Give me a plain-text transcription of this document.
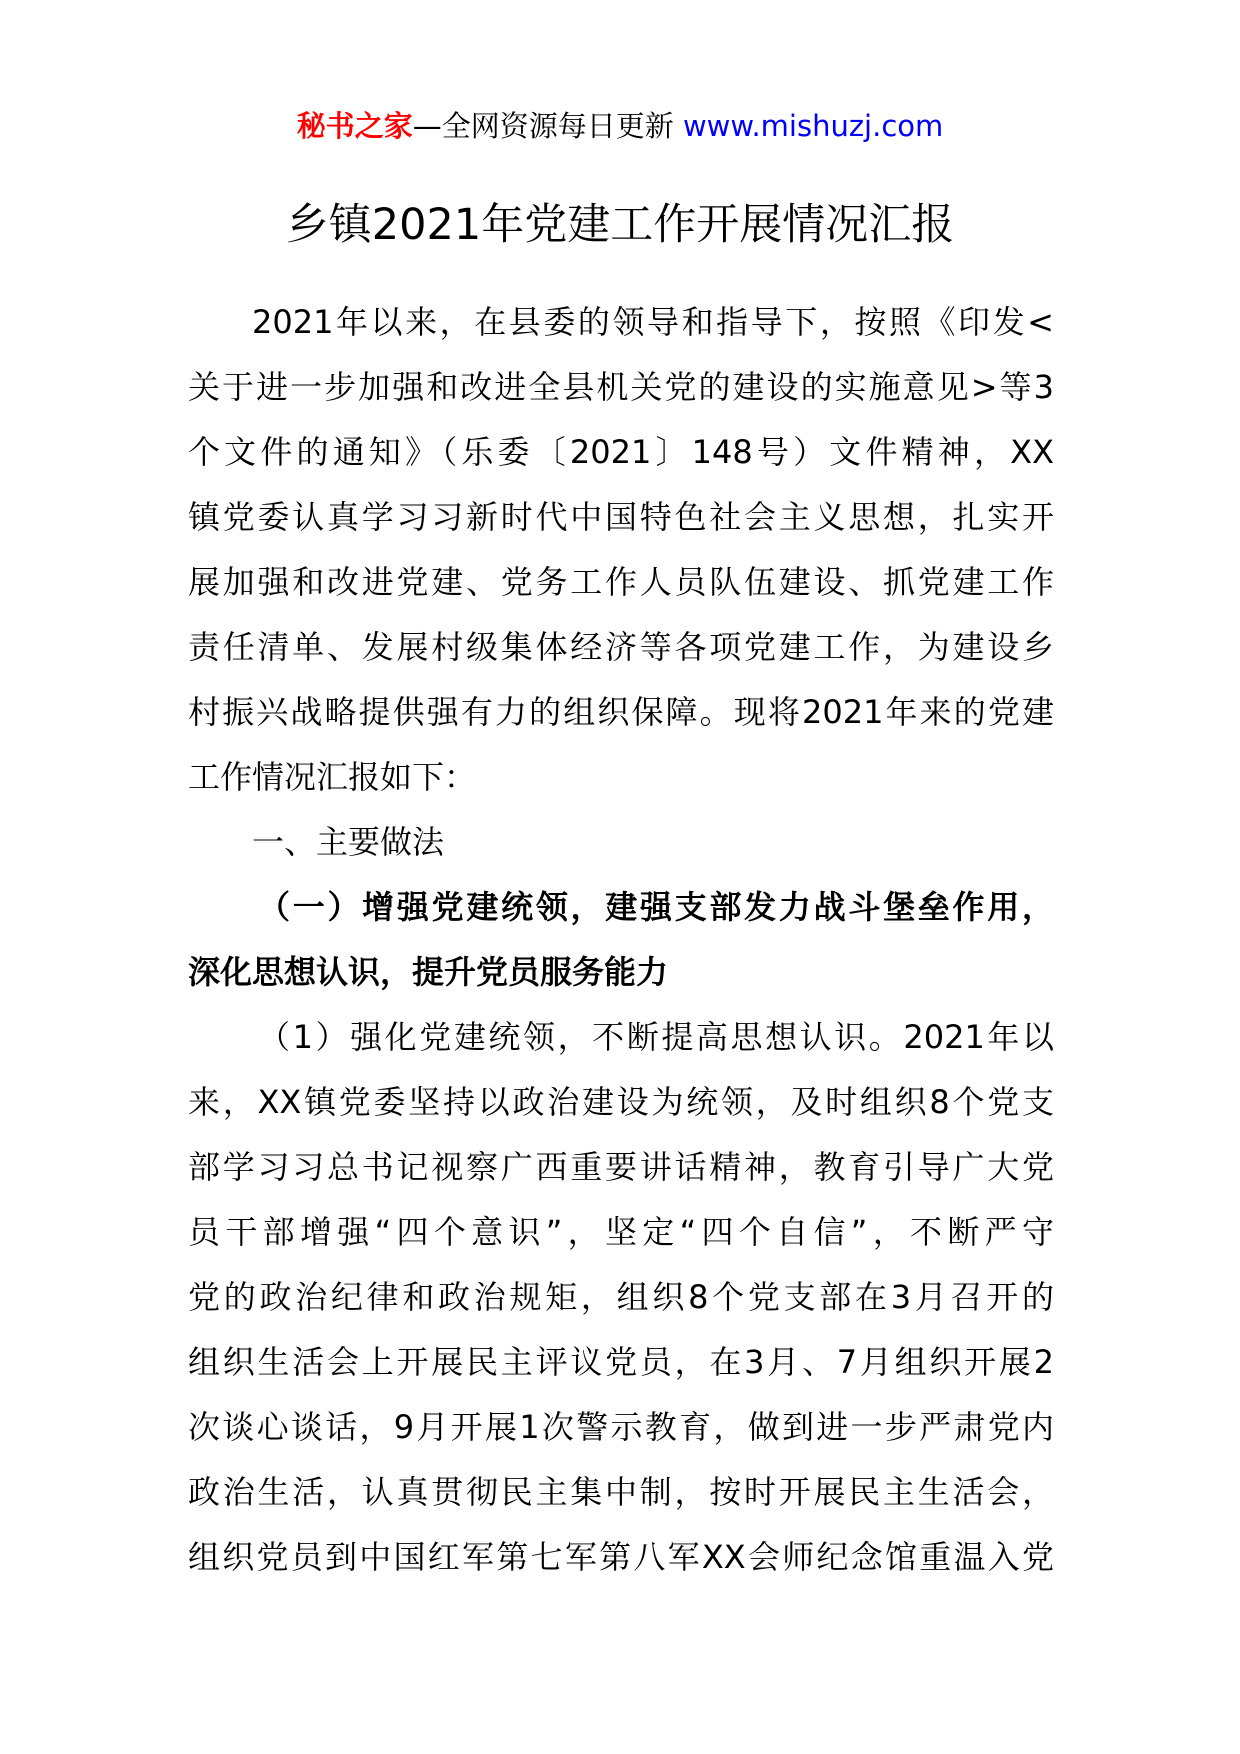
秘书之家—全网资源每日更新 www.mishuzj.com
乡镇2021年党建工作开展情况汇报
2021年以来，在县委的领导和指导下，按照《印发<
关于进一步加强和改进全县机关党的建设的实施意见>等3
个文件的通知》（乐委〔2021〕148号）文件精神，XX
镇党委认真学习习新时代中国特色社会主义思想，扎实开
展加强和改进党建、党务工作人员队伍建设、抓党建工作
责任清单、发展村级集体经济等各项党建工作，为建设乡
村振兴战略提供强有力的组织保障。现将2021年来的党建
工作情况汇报如下：
一、主要做法
（一）增强党建统领，建强支部发力战斗堡垒作用，
深化思想认识，提升党员服务能力
（1）强化党建统领，不断提高思想认识。2021年以
来，XX镇党委坚持以政治建设为统领，及时组织8个党支
部学习习总书记视察广西重要讲话精神，教育引导广大党
员干部增强“四个意识”，坚定“四个自信”，不断严守
党的政治纪律和政治规矩，组织8个党支部在3月召开的
组织生活会上开展民主评议党员，在3月、7月组织开展2
次谈心谈话，9月开展1次警示教育，做到进一步严肃党内
政治生活，认真贯彻民主集中制，按时开展民主生活会，
组织党员到中国红军第七军第八军XX会师纪念馆重温入党
